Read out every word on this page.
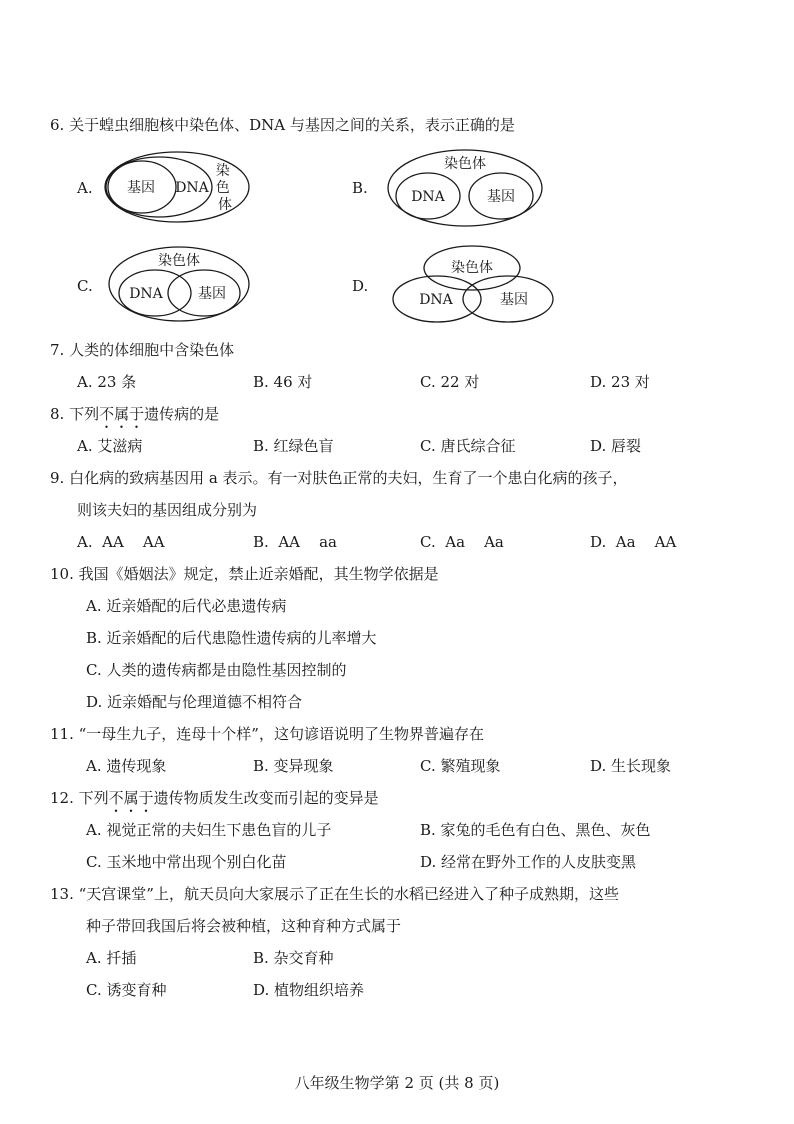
6. 关于蝗虫细胞核中染色体、DNA 与基因之间的关系，表示正确的是
A. 基因 DNA
染 色 体
B.
染色体
DNA	基因
C.
染色体
DNA	基因	D.
染色体
DNA	基因
7. 人类的体细胞中含染色体
A. 23 条	B. 46 对	C. 22 对	D. 23 对
8. 下列不属于遗传病的是
A. 艾滋病	B. 红绿色盲	C. 唐氏综合征	D. 唇裂
9. 白化病的致病基因用 a 表示。有一对肤色正常的夫妇，生育了一个患白化病的孩子，
则该夫妇的基因组成分别为
A.  AA    AA	B.  AA    aa	C.  Aa    Aa	D.  Aa    AA
10. 我国《婚姻法》规定，禁止近亲婚配，其生物学依据是
A. 近亲婚配的后代必患遗传病
B. 近亲婚配的后代患隐性遗传病的儿率增大
C. 人类的遗传病都是由隐性基因控制的
D. 近亲婚配与伦理道德不相符合
11. “一母生九子，连母十个样”，这句谚语说明了生物界普遍存在
A. 遗传现象	B. 变异现象	C. 繁殖现象	D. 生长现象
12. 下列不属于遗传物质发生改变而引起的变异是
A. 视觉正常的夫妇生下患色盲的儿子	B. 家兔的毛色有白色、黑色、灰色
C. 玉米地中常出现个别白化苗	D. 经常在野外工作的人皮肤变黑
13. “天宫课堂”上，航天员向大家展示了正在生长的水稻已经进入了种子成熟期，这些
种子带回我国后将会被种植，这种育种方式属于
A. 扦插	B. 杂交育种
C. 诱变育种	D. 植物组织培养
八年级生物学第 2 页 (共 8 页)
